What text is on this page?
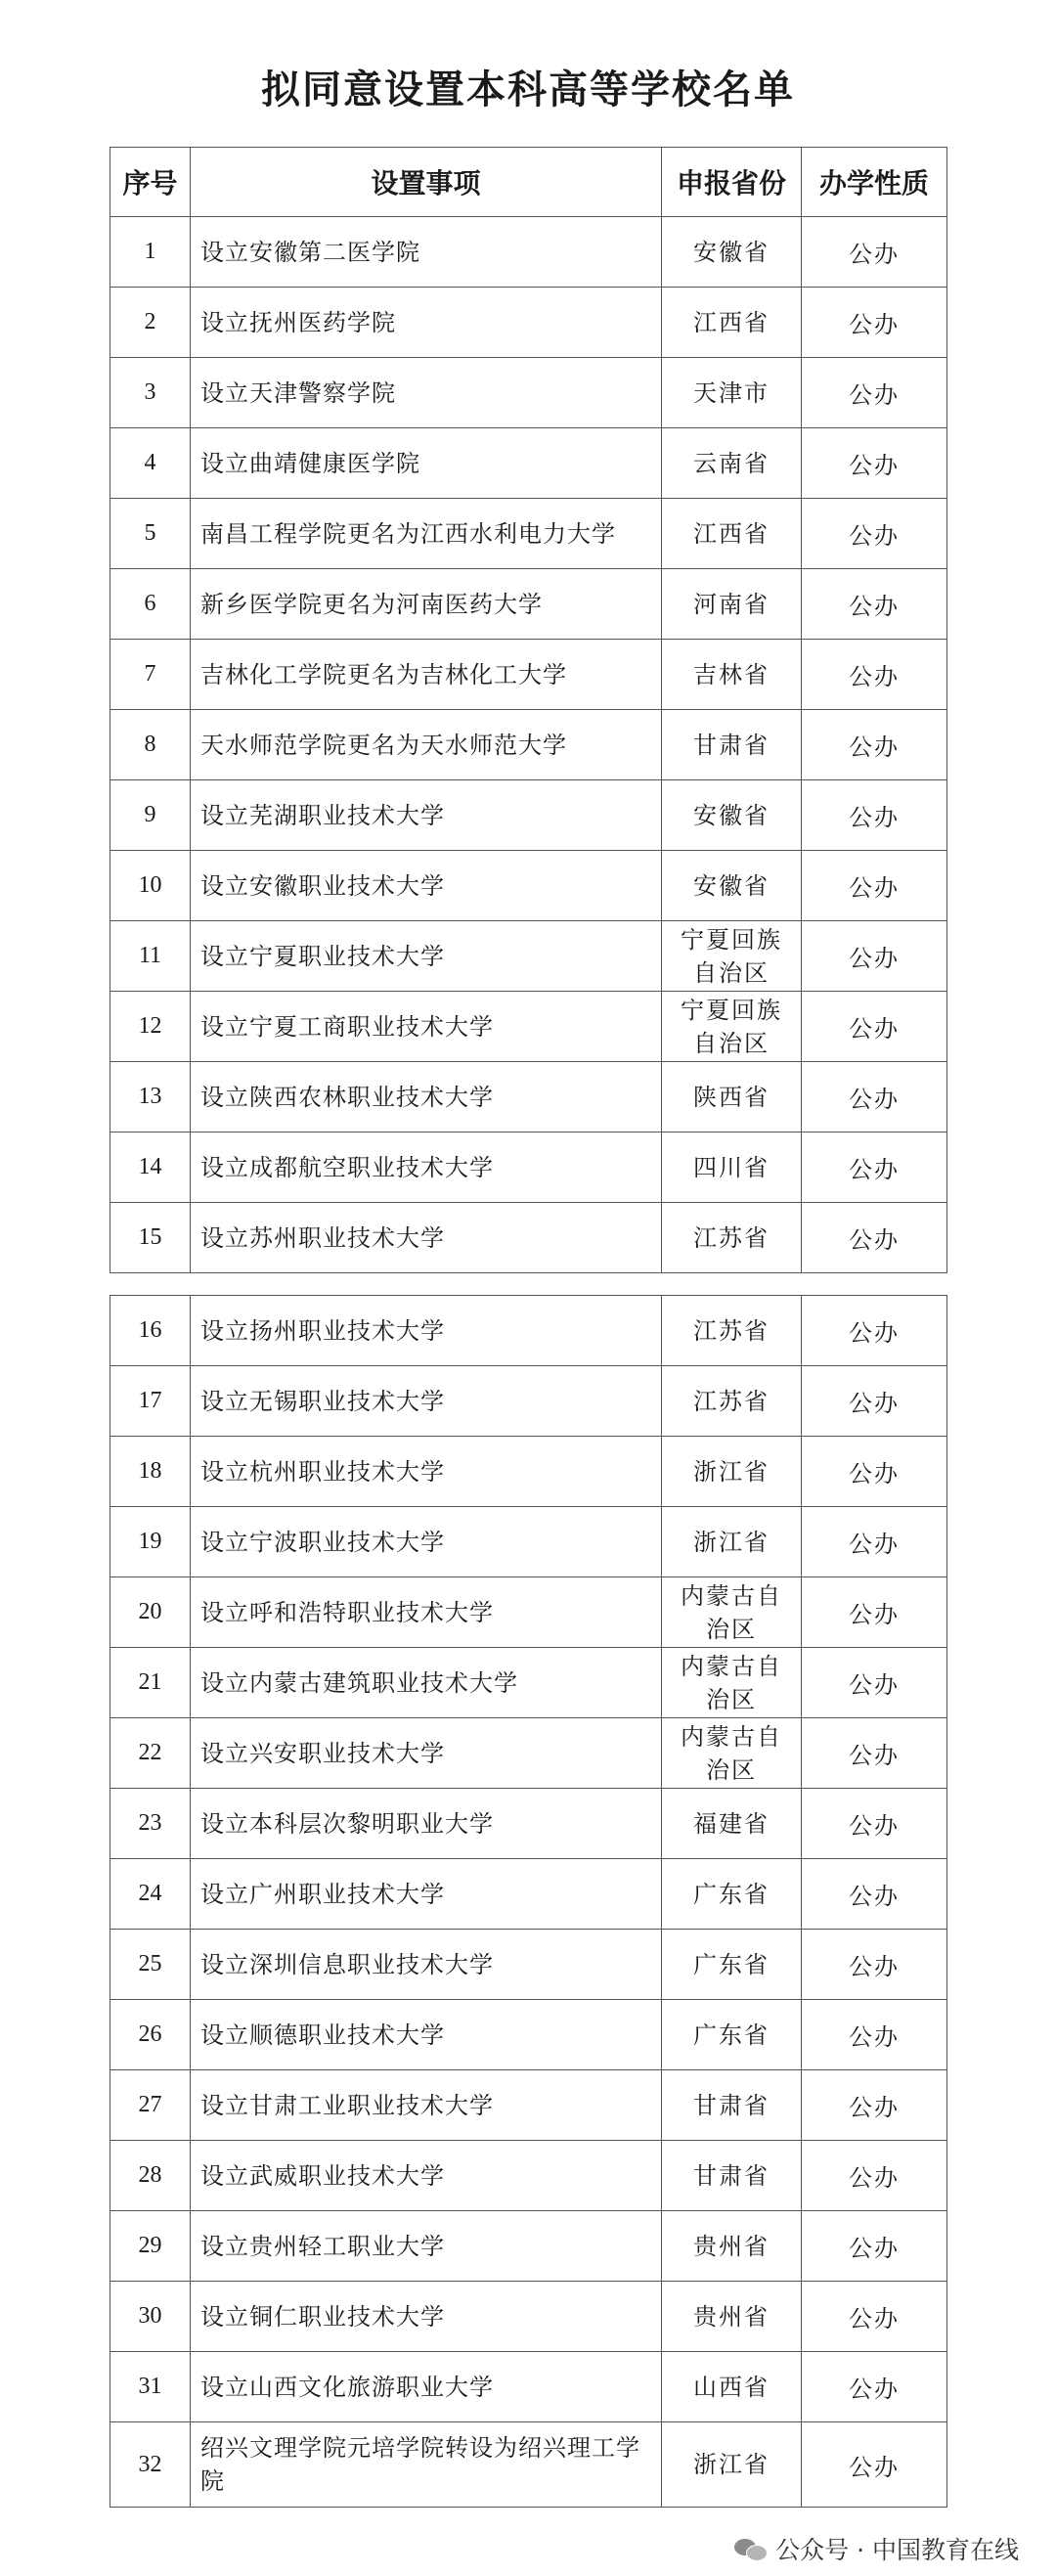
拟同意设置本科高等学校名单
序号	设置事项	申报省份	办学性质
1	设立安徽第二医学院	安徽省	公办
2	设立抚州医药学院	江西省	公办
3	设立天津警察学院	天津市	公办
4	设立曲靖健康医学院	云南省	公办
5	南昌工程学院更名为江西水利电力大学	江西省	公办
6	新乡医学院更名为河南医药大学	河南省	公办
7	吉林化工学院更名为吉林化工大学	吉林省	公办
8	天水师范学院更名为天水师范大学	甘肃省	公办
9	设立芜湖职业技术大学	安徽省	公办
10	设立安徽职业技术大学	安徽省	公办
11	设立宁夏职业技术大学	宁夏回族自治区	公办
12	设立宁夏工商职业技术大学	宁夏回族自治区	公办
13	设立陕西农林职业技术大学	陕西省	公办
14	设立成都航空职业技术大学	四川省	公办
15	设立苏州职业技术大学	江苏省	公办
16	设立扬州职业技术大学	江苏省	公办
17	设立无锡职业技术大学	江苏省	公办
18	设立杭州职业技术大学	浙江省	公办
19	设立宁波职业技术大学	浙江省	公办
20	设立呼和浩特职业技术大学	内蒙古自治区	公办
21	设立内蒙古建筑职业技术大学	内蒙古自治区	公办
22	设立兴安职业技术大学	内蒙古自治区	公办
23	设立本科层次黎明职业大学	福建省	公办
24	设立广州职业技术大学	广东省	公办
25	设立深圳信息职业技术大学	广东省	公办
26	设立顺德职业技术大学	广东省	公办
27	设立甘肃工业职业技术大学	甘肃省	公办
28	设立武威职业技术大学	甘肃省	公办
29	设立贵州轻工职业大学	贵州省	公办
30	设立铜仁职业技术大学	贵州省	公办
31	设立山西文化旅游职业大学	山西省	公办
32	绍兴文理学院元培学院转设为绍兴理工学院	浙江省	公办
公众号 · 中国教育在线
